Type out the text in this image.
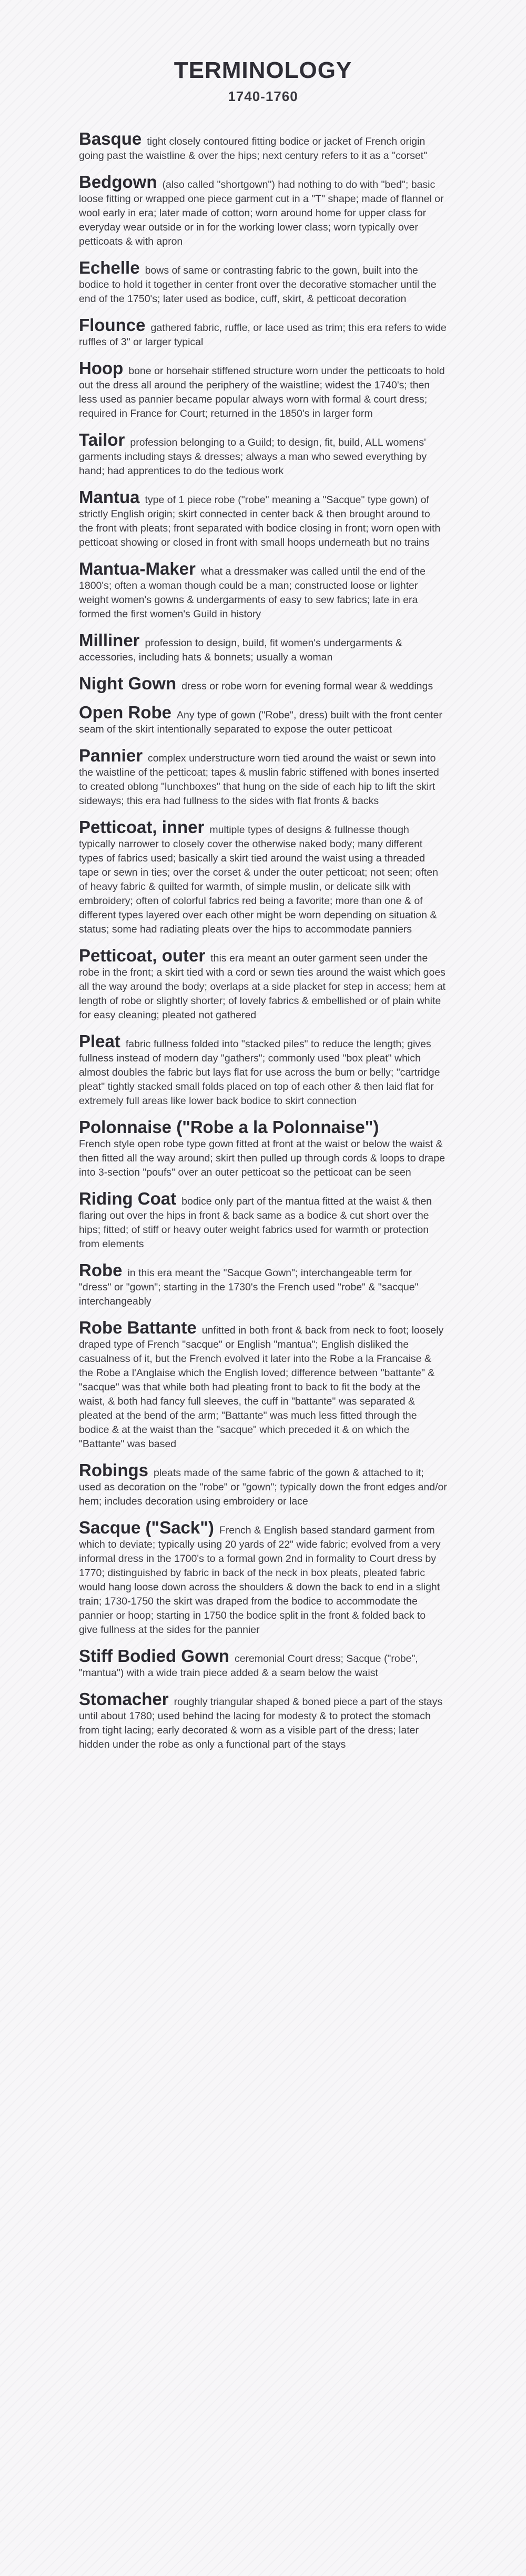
TERMINOLOGY
1740-1760

Basque tight closely contoured fitting bodice or jacket of French origin going past the waistline & over the hips; next century refers to it as a "corset"

Bedgown (also called "shortgown") had nothing to do with "bed"; basic loose fitting or wrapped one piece garment cut in a "T" shape; made of flannel or wool early in era; later made of cotton; worn around home for upper class for everyday wear outside or in for the working lower class; worn typically over petticoats & with apron

Echelle bows of same or contrasting fabric to the gown, built into the bodice to hold it together in center front over the decorative stomacher until the end of the 1750's; later used as bodice, cuff, skirt, & petticoat decoration

Flounce gathered fabric, ruffle, or lace used as trim; this era refers to wide ruffles of 3" or larger typical

Hoop bone or horsehair stiffened structure worn under the petticoats to hold out the dress all around the periphery of the waistline; widest the 1740's; then less used as pannier became popular always worn with formal & court dress; required in France for Court; returned in the 1850's in larger form

Tailor profession belonging to a Guild; to design, fit, build, ALL womens' garments including stays & dresses; always a man who sewed everything by hand; had apprentices to do the tedious work

Mantua type of 1 piece robe ("robe" meaning a "Sacque" type gown) of strictly English origin; skirt connected in center back & then brought around to the front with pleats; front separated with bodice closing in front; worn open with petticoat showing or closed in front with small hoops underneath but no trains

Mantua-Maker what a dressmaker was called until the end of the 1800's; often a woman though could be a man; constructed loose or lighter weight women's gowns & undergarments of easy to sew fabrics; late in era formed the first women's Guild in history

Milliner profession to design, build, fit women's undergarments & accessories, including hats & bonnets; usually a woman

Night Gown dress or robe worn for evening formal wear & weddings

Open Robe Any type of gown ("Robe", dress) built with the front center seam of the skirt intentionally separated to expose the outer petticoat

Pannier complex understructure worn tied around the waist or sewn into the waistline of the petticoat; tapes & muslin fabric stiffened with bones inserted to created oblong "lunchboxes" that hung on the side of each hip to lift the skirt sideways; this era had fullness to the sides with flat fronts & backs

Petticoat, inner multiple types of designs & fullnesse though typically narrower to closely cover the otherwise naked body; many different types of fabrics used; basically a skirt tied around the waist using a threaded tape or sewn in ties; over the corset & under the outer petticoat; not seen; often of heavy fabric & quilted for warmth, of simple muslin, or delicate silk with embroidery; often of colorful fabrics red being a favorite; more than one & of different types layered over each other might be worn depending on situation & status; some had radiating pleats over the hips to accommodate panniers

Petticoat, outer this era meant an outer garment seen under the robe in the front; a skirt tied with a cord or sewn ties around the waist which goes all the way around the body; overlaps at a side placket for step in access; hem at length of robe or slightly shorter; of lovely fabrics & embellished or of plain white for easy cleaning; pleated not gathered

Pleat fabric fullness folded into "stacked piles" to reduce the length; gives fullness instead of modern day "gathers"; commonly used "box pleat" which almost doubles the fabric but lays flat for use across the bum or belly; "cartridge pleat" tightly stacked small folds placed on top of each other & then laid flat for extremely full areas like lower back bodice to skirt connection

Polonnaise ("Robe a la Polonnaise")
French style open robe type gown fitted at front at the waist or below the waist & then fitted all the way around; skirt then pulled up through cords & loops to drape into 3-section "poufs" over an outer petticoat so the petticoat can be seen

Riding Coat bodice only part of the mantua fitted at the waist & then flaring out over the hips in front & back same as a bodice & cut short over the hips; fitted; of stiff or heavy outer weight fabrics used for warmth or protection from elements

Robe in this era meant the "Sacque Gown"; interchangeable term for "dress" or "gown"; starting in the 1730's the French used "robe" & "sacque" interchangeably

Robe Battante unfitted in both front & back from neck to foot; loosely draped type of French "sacque" or English "mantua"; English disliked the casualness of it, but the French evolved it later into the Robe a la Francaise & the Robe a l'Anglaise which the English loved; difference between "battante" & "sacque" was that while both had pleating front to back to fit the body at the waist, & both had fancy full sleeves, the cuff in "battante" was separated & pleated at the bend of the arm; "Battante" was much less fitted through the bodice & at the waist than the "sacque" which preceded it & on which the "Battante" was based

Robings pleats made of the same fabric of the gown & attached to it; used as decoration on the "robe" or "gown"; typically down the front edges and/or hem; includes decoration using embroidery or lace

Sacque ("Sack") French & English based standard garment from which to deviate; typically using 20 yards of 22" wide fabric; evolved from a very informal dress in the 1700's to a formal gown 2nd in formality to Court dress by 1770; distinguished by fabric in back of the neck in box pleats, pleated fabric would hang loose down across the shoulders & down the back to end in a slight train; 1730-1750 the skirt was draped from the bodice to accommodate the pannier or hoop; starting in 1750 the bodice split in the front & folded back to give fullness at the sides for the pannier

Stiff Bodied Gown ceremonial Court dress; Sacque ("robe", "mantua") with a wide train piece added & a seam below the waist

Stomacher roughly triangular shaped & boned piece a part of the stays until about 1780; used behind the lacing for modesty & to protect the stomach from tight lacing; early decorated & worn as a visible part of the dress; later hidden under the robe as only a functional part of the stays
